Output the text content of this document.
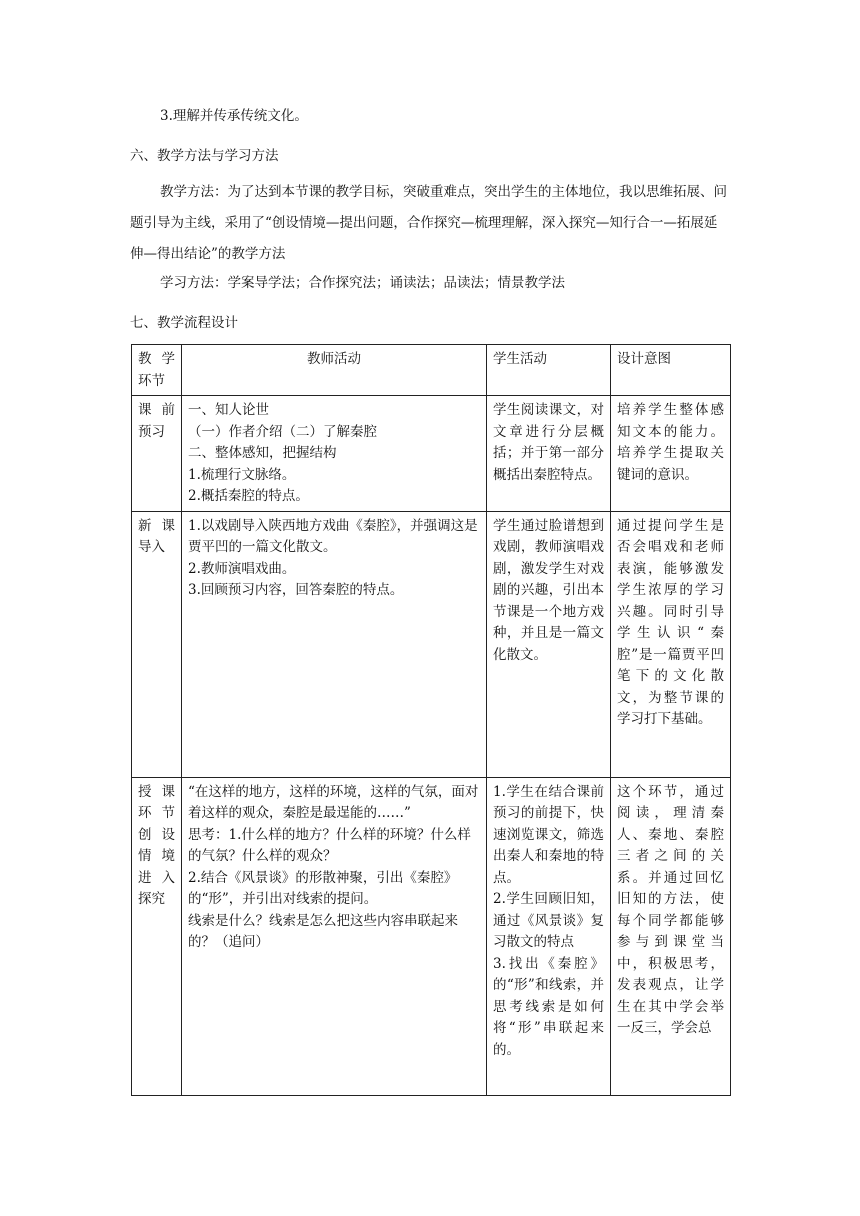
3.理解并传承传统文化。
六、教学方法与学习方法
教学方法：为了达到本节课的教学目标，突破重难点，突出学生的主体地位，我以思维拓展、问题引导为主线，采用了“创设情境—提出问题，合作探究—梳理理解，深入探究—知行合一—拓展延伸—得出结论”的教学方法
学习方法：学案导学法；合作探究法；诵读法；品读法；情景教学法
七、教学流程设计
教学环节	教师活动	学生活动	设计意图

课前预习	一、知人论世
（一）作者介绍（二）了解秦腔
二、整体感知，把握结构
1.梳理行文脉络。
2.概括秦腔的特点。	学生阅读课文，对文章进行分层概括；并于第一部分概括出秦腔特点。	培养学生整体感知文本的能力。培养学生提取关键词的意识。

新课导入	1.以戏剧导入陕西地方戏曲《秦腔》，并强调这是贾平凹的一篇文化散文。
2.教师演唱戏曲。
3.回顾预习内容，回答秦腔的特点。	学生通过脸谱想到戏剧，教师演唱戏剧，激发学生对戏剧的兴趣，引出本节课是一个地方戏种，并且是一篇文化散文。	通过提问学生是否会唱戏和老师表演，能够激发学生浓厚的学习兴趣。同时引导学生认识“秦腔”是一篇贾平凹笔下的文化散文，为整节课的学习打下基础。

授课环节创设情境进入探究	“在这样的地方，这样的环境，这样的气氛，面对着这样的观众，秦腔是最逞能的……”
思考：1.什么样的地方？什么样的环境？什么样的气氛？什么样的观众？
2.结合《风景谈》的形散神聚，引出《秦腔》的“形”，并引出对线索的提问。
线索是什么？线索是怎么把这些内容串联起来的？（追问）	1.学生在结合课前预习的前提下，快速浏览课文，筛选出秦人和秦地的特点。
2.学生回顾旧知，通过《风景谈》复习散文的特点
3.找出《秦腔》的“形”和线索，并思考线索是如何将“形”串联起来的。	这个环节，通过阅读，理清秦人、秦地、秦腔三者之间的关系。并通过回忆旧知的方法，使每个同学都能够参与到课堂当中，积极思考，发表观点，让学生在其中学会举一反三，学会总
